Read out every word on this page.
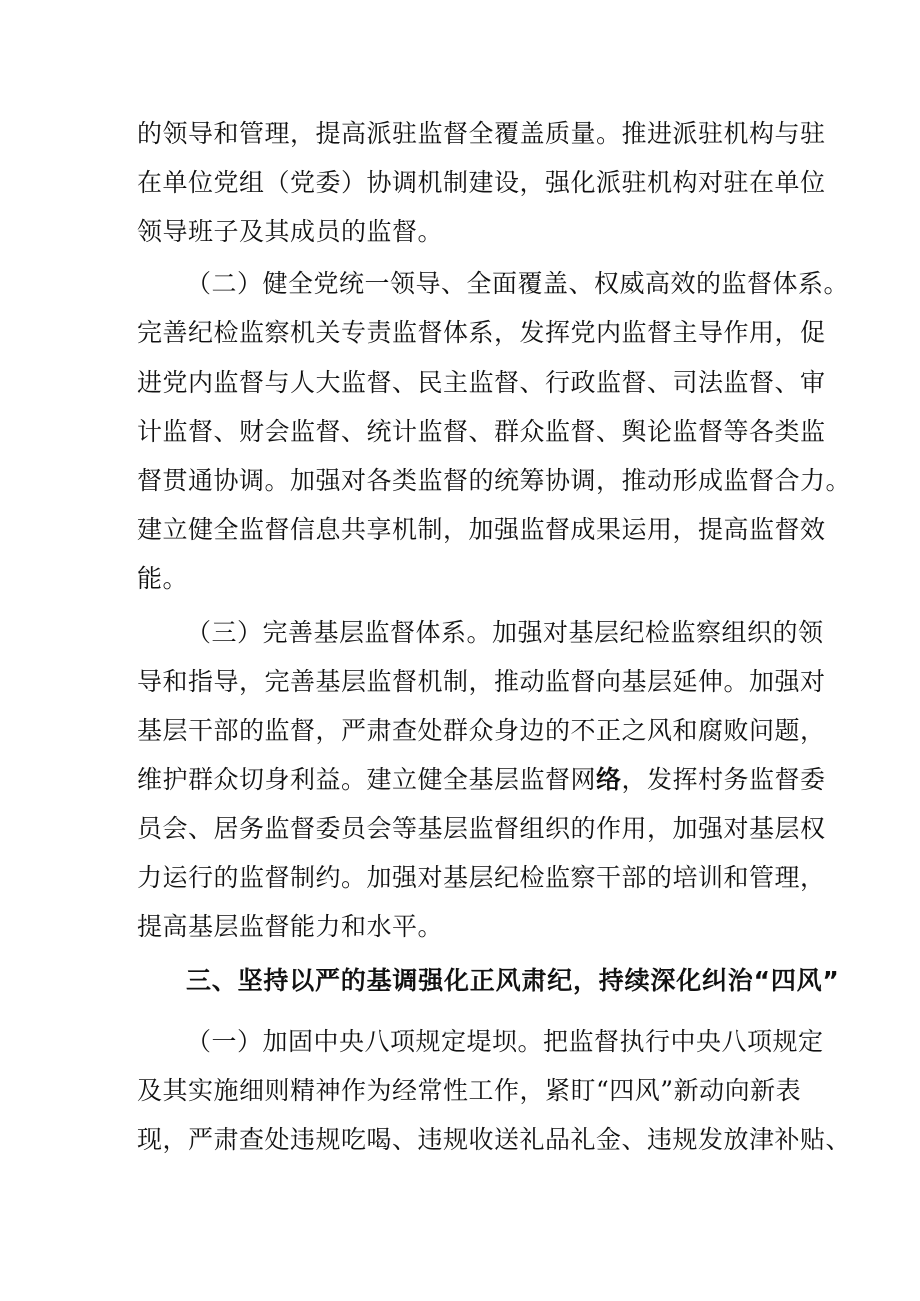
的领导和管理，提高派驻监督全覆盖质量。推进派驻机构与驻
在单位党组（党委）协调机制建设，强化派驻机构对驻在单位
领导班子及其成员的监督。
（二）健全党统一领导、全面覆盖、权威高效的监督体系。
完善纪检监察机关专责监督体系，发挥党内监督主导作用，促
进党内监督与人大监督、民主监督、行政监督、司法监督、审
计监督、财会监督、统计监督、群众监督、舆论监督等各类监
督贯通协调。加强对各类监督的统筹协调，推动形成监督合力。
建立健全监督信息共享机制，加强监督成果运用，提高监督效
能。
（三）完善基层监督体系。加强对基层纪检监察组织的领
导和指导，完善基层监督机制，推动监督向基层延伸。加强对
基层干部的监督，严肃查处群众身边的不正之风和腐败问题，
维护群众切身利益。建立健全基层监督网络，发挥村务监督委
员会、居务监督委员会等基层监督组织的作用，加强对基层权
力运行的监督制约。加强对基层纪检监察干部的培训和管理，
提高基层监督能力和水平。
三、坚持以严的基调强化正风肃纪，持续深化纠治“四风”
（一）加固中央八项规定堤坝。把监督执行中央八项规定
及其实施细则精神作为经常性工作，紧盯“四风”新动向新表
现，严肃查处违规吃喝、违规收送礼品礼金、违规发放津补贴、
